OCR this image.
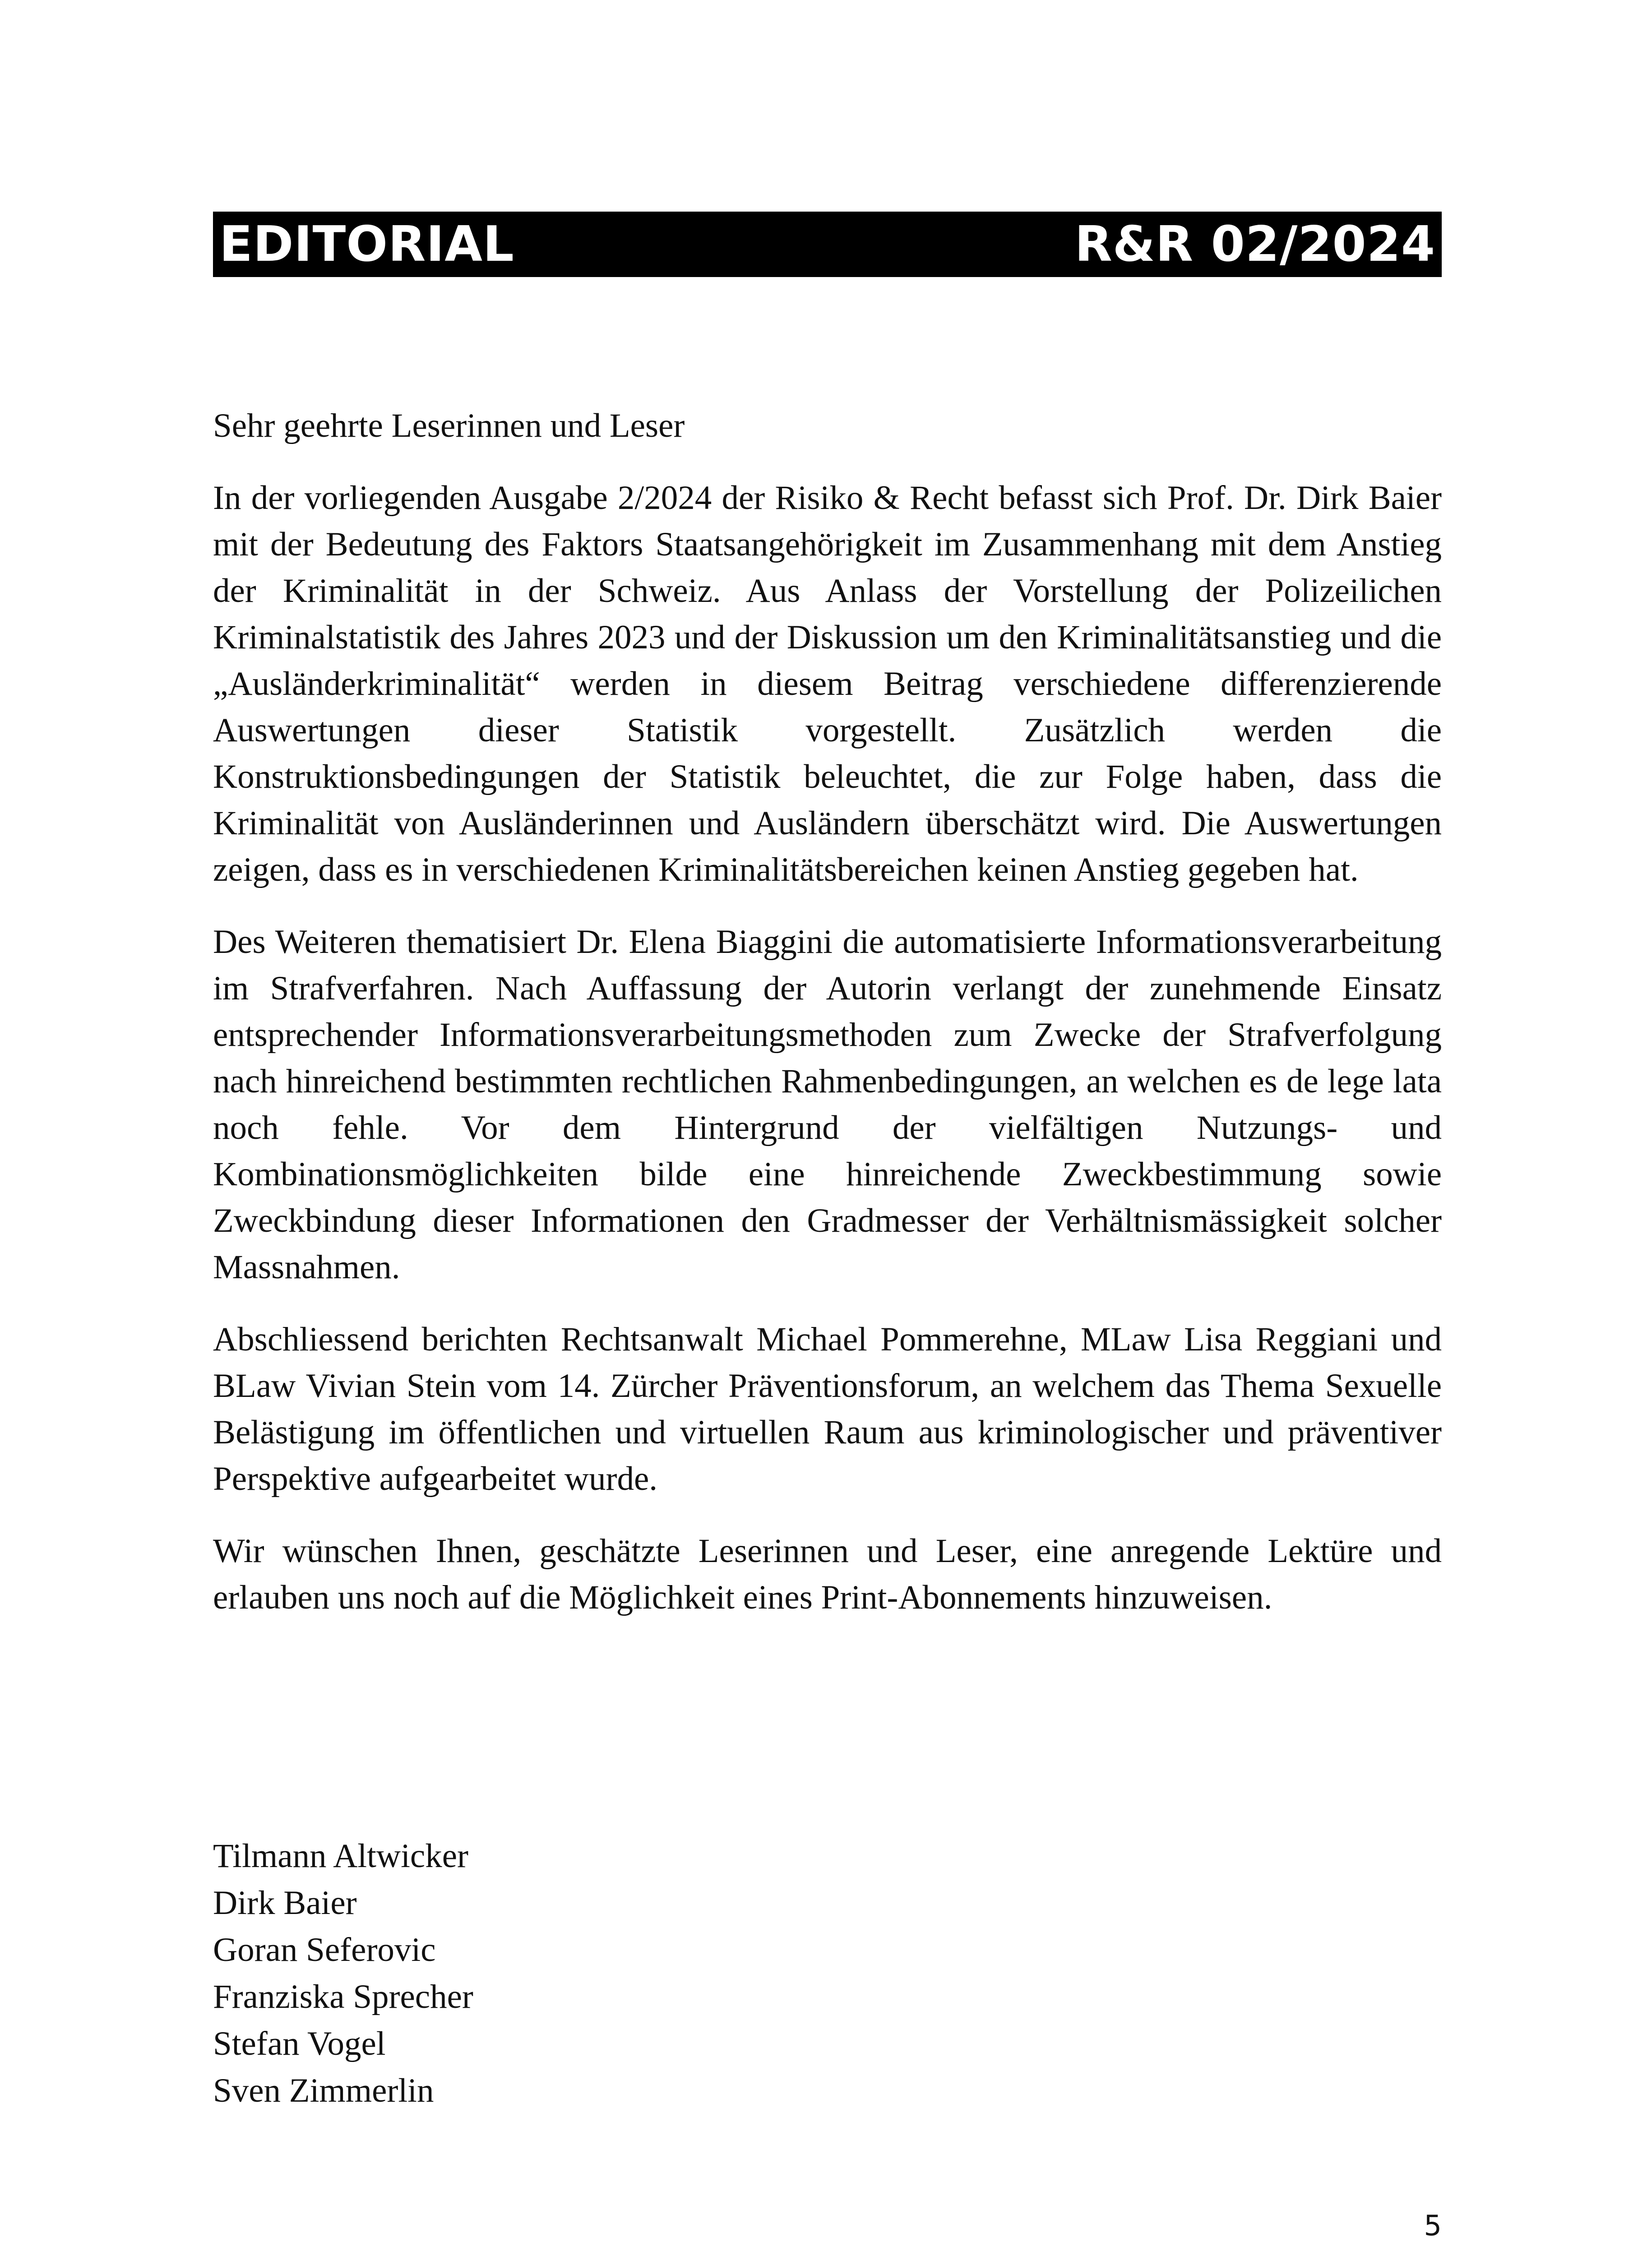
EDITORIAL	R&R 02/2024

Sehr geehrte Leserinnen und Leser

In der vorliegenden Ausgabe 2/2024 der Risiko & Recht befasst sich Prof. Dr. Dirk Baier mit der Bedeutung des Faktors Staatsangehörigkeit im Zusammenhang mit dem Anstieg der Kriminalität in der Schweiz. Aus Anlass der Vorstellung der Polizeilichen Kriminalstatistik des Jahres 2023 und der Diskussion um den Kriminalitätsanstieg und die „Ausländerkriminalität“ werden in diesem Beitrag verschiedene differenzierende Auswertungen dieser Statistik vorgestellt. Zusätzlich werden die Konstruktionsbedingungen der Statistik beleuchtet, die zur Folge haben, dass die Kriminalität von Ausländerinnen und Ausländern überschätzt wird. Die Auswertungen zeigen, dass es in verschiedenen Kriminalitätsbereichen keinen Anstieg gegeben hat.

Des Weiteren thematisiert Dr. Elena Biaggini die automatisierte Informationsverarbeitung im Strafverfahren. Nach Auffassung der Autorin verlangt der zunehmende Einsatz entsprechender Informationsverarbeitungsmethoden zum Zwecke der Strafverfolgung nach hinreichend bestimmten rechtlichen Rahmenbedingungen, an welchen es de lege lata noch fehle. Vor dem Hintergrund der vielfältigen Nutzungs- und Kombinationsmöglichkeiten bilde eine hinreichende Zweckbestimmung sowie Zweckbindung dieser Informationen den Gradmesser der Verhältnismässigkeit solcher Massnahmen.

Abschliessend berichten Rechtsanwalt Michael Pommerehne, MLaw Lisa Reggiani und BLaw Vivian Stein vom 14. Zürcher Präventionsforum, an welchem das Thema Sexuelle Belästigung im öffentlichen und virtuellen Raum aus kriminologischer und präventiver Perspektive aufgearbeitet wurde.

Wir wünschen Ihnen, geschätzte Leserinnen und Leser, eine anregende Lektüre und erlauben uns noch auf die Möglichkeit eines Print-Abonnements hinzuweisen.

Tilmann Altwicker
Dirk Baier
Goran Seferovic
Franziska Sprecher
Stefan Vogel
Sven Zimmerlin
5
